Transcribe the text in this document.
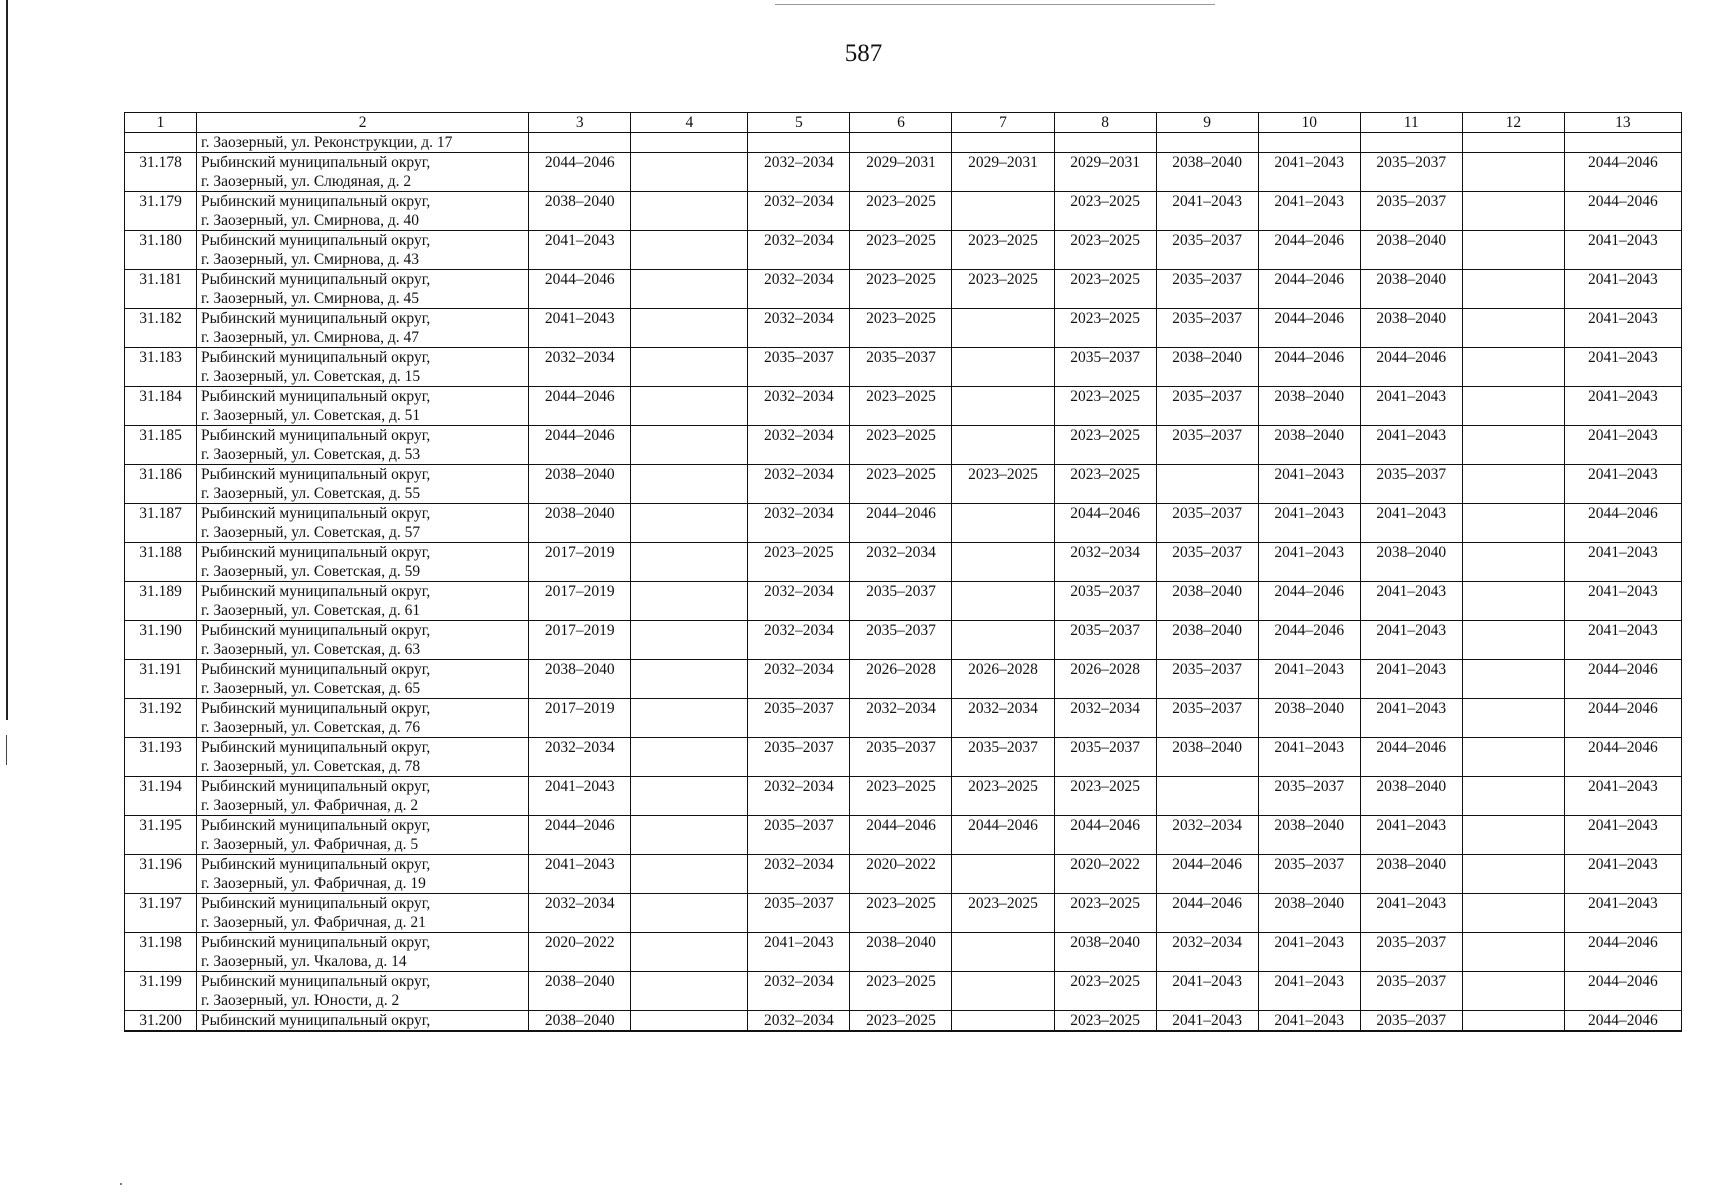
587
1	2	3	4	5	6	7	8	9	10	11	12	13

	г. Заозерный, ул. Реконструкции, д. 17											

31.178	Рыбинский муниципальный округ,
г. Заозерный, ул. Слюдяная, д. 2	2044–2046		2032–2034	2029–2031	2029–2031	2029–2031	2038–2040	2041–2043	2035–2037		2044–2046
31.179	Рыбинский муниципальный округ,
г. Заозерный, ул. Смирнова, д. 40	2038–2040		2032–2034	2023–2025		2023–2025	2041–2043	2041–2043	2035–2037		2044–2046
31.180	Рыбинский муниципальный округ,
г. Заозерный, ул. Смирнова, д. 43	2041–2043		2032–2034	2023–2025	2023–2025	2023–2025	2035–2037	2044–2046	2038–2040		2041–2043
31.181	Рыбинский муниципальный округ,
г. Заозерный, ул. Смирнова, д. 45	2044–2046		2032–2034	2023–2025	2023–2025	2023–2025	2035–2037	2044–2046	2038–2040		2041–2043
31.182	Рыбинский муниципальный округ,
г. Заозерный, ул. Смирнова, д. 47	2041–2043		2032–2034	2023–2025		2023–2025	2035–2037	2044–2046	2038–2040		2041–2043
31.183	Рыбинский муниципальный округ,
г. Заозерный, ул. Советская, д. 15	2032–2034		2035–2037	2035–2037		2035–2037	2038–2040	2044–2046	2044–2046		2041–2043
31.184	Рыбинский муниципальный округ,
г. Заозерный, ул. Советская, д. 51	2044–2046		2032–2034	2023–2025		2023–2025	2035–2037	2038–2040	2041–2043		2041–2043
31.185	Рыбинский муниципальный округ,
г. Заозерный, ул. Советская, д. 53	2044–2046		2032–2034	2023–2025		2023–2025	2035–2037	2038–2040	2041–2043		2041–2043
31.186	Рыбинский муниципальный округ,
г. Заозерный, ул. Советская, д. 55	2038–2040		2032–2034	2023–2025	2023–2025	2023–2025		2041–2043	2035–2037		2041–2043
31.187	Рыбинский муниципальный округ,
г. Заозерный, ул. Советская, д. 57	2038–2040		2032–2034	2044–2046		2044–2046	2035–2037	2041–2043	2041–2043		2044–2046
31.188	Рыбинский муниципальный округ,
г. Заозерный, ул. Советская, д. 59	2017–2019		2023–2025	2032–2034		2032–2034	2035–2037	2041–2043	2038–2040		2041–2043
31.189	Рыбинский муниципальный округ,
г. Заозерный, ул. Советская, д. 61	2017–2019		2032–2034	2035–2037		2035–2037	2038–2040	2044–2046	2041–2043		2041–2043
31.190	Рыбинский муниципальный округ,
г. Заозерный, ул. Советская, д. 63	2017–2019		2032–2034	2035–2037		2035–2037	2038–2040	2044–2046	2041–2043		2041–2043
31.191	Рыбинский муниципальный округ,
г. Заозерный, ул. Советская, д. 65	2038–2040		2032–2034	2026–2028	2026–2028	2026–2028	2035–2037	2041–2043	2041–2043		2044–2046
31.192	Рыбинский муниципальный округ,
г. Заозерный, ул. Советская, д. 76	2017–2019		2035–2037	2032–2034	2032–2034	2032–2034	2035–2037	2038–2040	2041–2043		2044–2046
31.193	Рыбинский муниципальный округ,
г. Заозерный, ул. Советская, д. 78	2032–2034		2035–2037	2035–2037	2035–2037	2035–2037	2038–2040	2041–2043	2044–2046		2044–2046
31.194	Рыбинский муниципальный округ,
г. Заозерный, ул. Фабричная, д. 2	2041–2043		2032–2034	2023–2025	2023–2025	2023–2025		2035–2037	2038–2040		2041–2043
31.195	Рыбинский муниципальный округ,
г. Заозерный, ул. Фабричная, д. 5	2044–2046		2035–2037	2044–2046	2044–2046	2044–2046	2032–2034	2038–2040	2041–2043		2041–2043
31.196	Рыбинский муниципальный округ,
г. Заозерный, ул. Фабричная, д. 19	2041–2043		2032–2034	2020–2022		2020–2022	2044–2046	2035–2037	2038–2040		2041–2043
31.197	Рыбинский муниципальный округ,
г. Заозерный, ул. Фабричная, д. 21	2032–2034		2035–2037	2023–2025	2023–2025	2023–2025	2044–2046	2038–2040	2041–2043		2041–2043
31.198	Рыбинский муниципальный округ,
г. Заозерный, ул. Чкалова, д. 14	2020–2022		2041–2043	2038–2040		2038–2040	2032–2034	2041–2043	2035–2037		2044–2046
31.199	Рыбинский муниципальный округ,
г. Заозерный, ул. Юности, д. 2	2038–2040		2032–2034	2023–2025		2023–2025	2041–2043	2041–2043	2035–2037		2044–2046
31.200	Рыбинский муниципальный округ,	2038–2040		2032–2034	2023–2025		2023–2025	2041–2043	2041–2043	2035–2037		2044–2046
